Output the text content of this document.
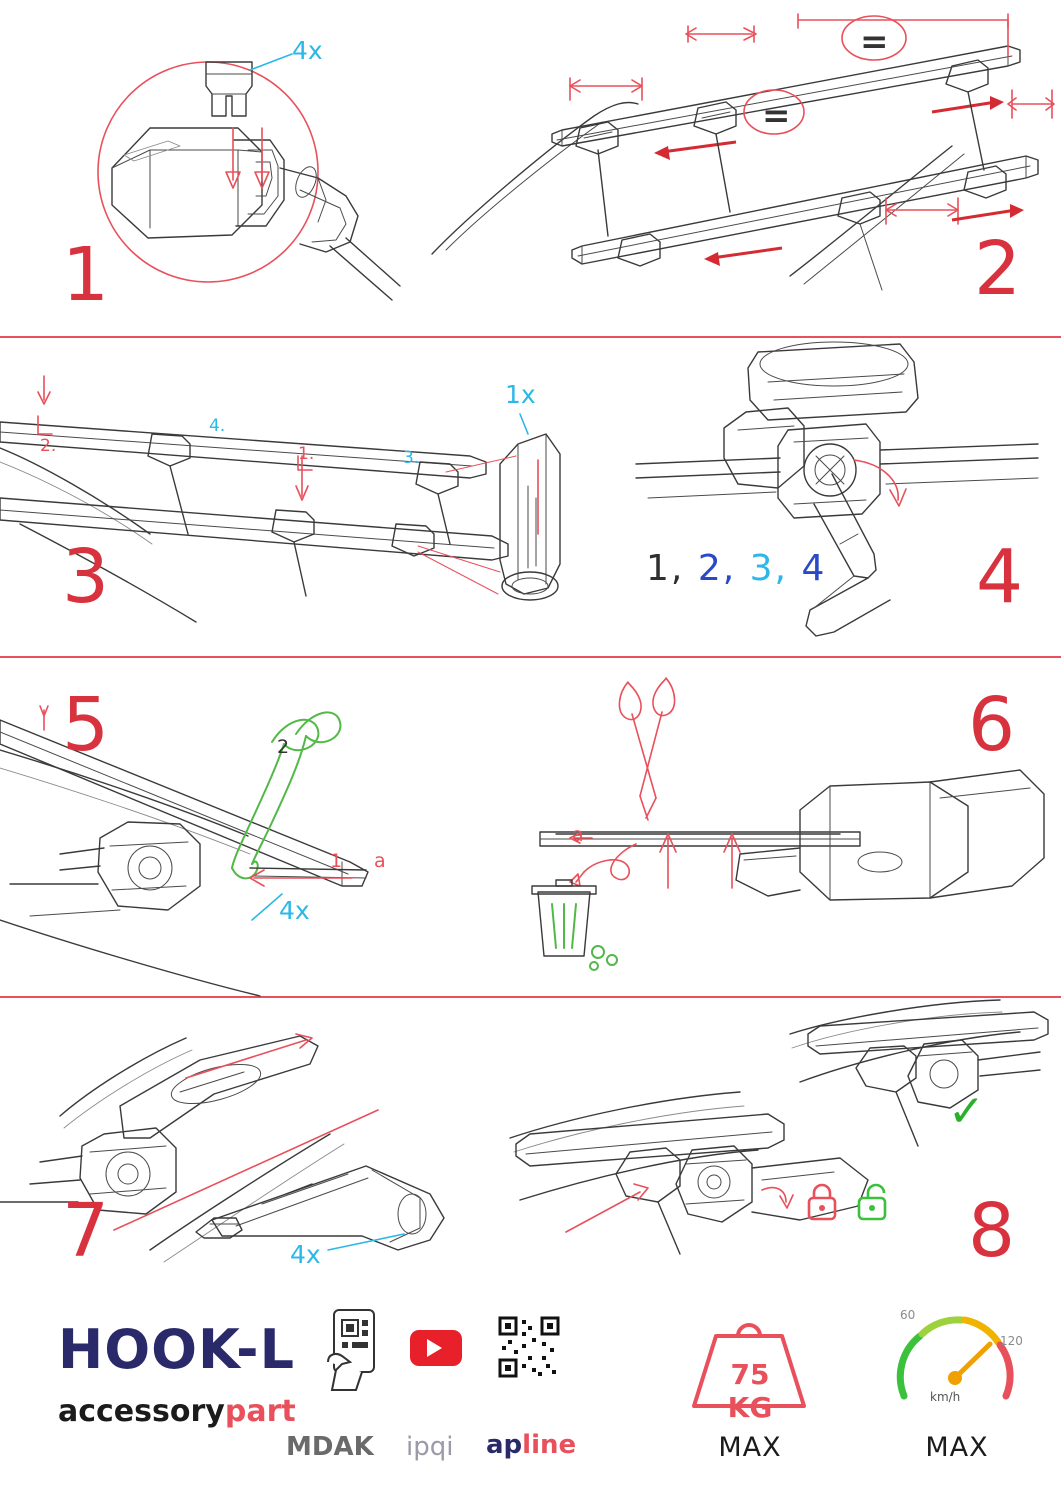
4x
1
=
=
2
1x
1.
2.
3.
4.
3	1, 2, 3, 4 4
1
2
a
4x
5
a
6
4x
7
✓
8
HOOK-L
accessorypart
MDAK ipqi apline
75 KG
MAX
60
120
km/h
MAX
